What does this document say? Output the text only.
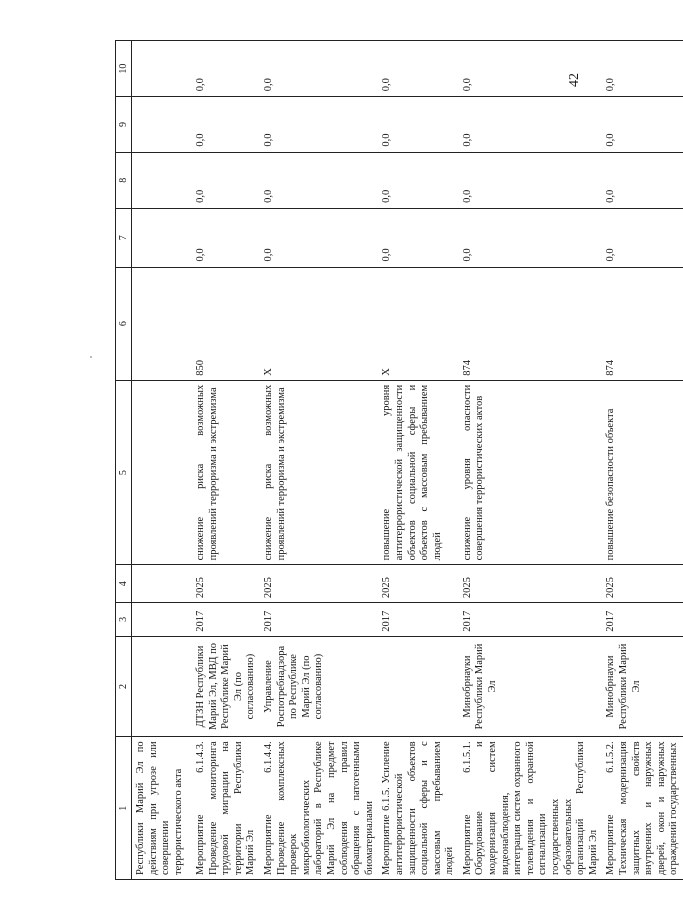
42
1	2	3	4	5	6	7	8	9	10
Республики Марий Эл по действиям при угрозе или совершении террористического акта									
Мероприятие 6.1.4.3. Проведение мониторинга трудовой миграции на территории Республики Марий Эл	ДТЗН Республики Марий Эл, МВД по Республике Марий Эл (по согласованию)	2017	2025	снижение риска возможных проявлений терроризма и экстремизма	850	0,0	0,0	0,0	0,0
Мероприятие 6.1.4.4. Проведение комплексных проверок микробиологических лабораторий в Республике Марий Эл на предмет соблюдения правил обращения с патогенными биоматериалами	Управление Роспотребнадзора по Республике Марий Эл (по согласованию)	2017	2025	снижение риска возможных проявлений терроризма и экстремизма	X	0,0	0,0	0,0	0,0
Мероприятие 6.1.5. Усиление антитеррористической защищенности объектов социальной сферы и с массовым пребыванием людей		2017	2025	повышение уровня антитеррористической защищенности объектов социальной сферы и объектов с массовым пребыванием людей	X	0,0	0,0	0,0	0,0
Мероприятие 6.1.5.1. Оборудование и модернизация систем видеонаблюдения, интеграция систем охранного телевидения и охранной сигнализации государственных образовательных организаций Республики Марий Эл	Минобрнауки Республики Марий Эл	2017	2025	снижение уровня опасности совершения террористических актов	874	0,0	0,0	0,0	0,0
Мероприятие 6.1.5.2. Техническая модернизация защитных свойств внутренних и наружных дверей, окон и наружных ограждений государственных	Минобрнауки Республики Марий Эл	2017	2025	повышение безопасности объекта	874	0,0	0,0	0,0	0,0
